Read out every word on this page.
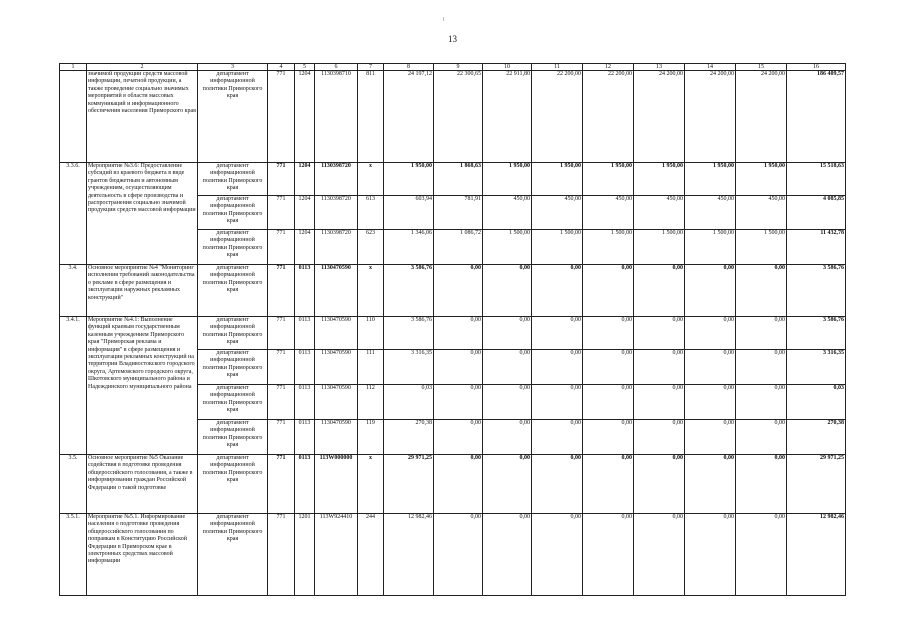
13
1	2	3	4	5	6	7	8	9	10	11	12	13	14	15	16
	значимой продукции средств массовой информации, печатной продукции, а также проведение социально значимых мероприятий в области массовых коммуникаций и информационного обеспечения населения Приморского края	департамент информационной политики Приморского края	771	1204	1130398710	811	24 197,12	22 300,65	22 911,80	22 200,00	22 200,00	24 200,00	24 200,00	24 200,00	186 409,57
3.3.6.	Мероприятие №3.6: Предоставление субсидий из краевого бюджета в виде грантов бюджетным и автономным учреждениям, осуществляющим деятельность в сфере производства и распространения социально значимой продукции средств массовой информации	департамент информационной политики Приморского края	771	1204	1130398720	х	1 950,00	1 868,63	1 950,00	1 950,00	1 950,00	1 950,00	1 950,00	1 950,00	15 518,63
		департамент информационной политики Приморского края	771	1204	1130398720	613	603,94	781,91	450,00	450,00	450,00	450,00	450,00	450,00	4 085,85
		департамент информационной политики Приморского края	771	1204	1130398720	623	1 346,06	1 086,72	1 500,00	1 500,00	1 500,00	1 500,00	1 500,00	1 500,00	11 432,78
3.4.	Основное мероприятие №4 "Мониторинг исполнения требований законодательства о рекламе в сфере размещения и эксплуатации наружных рекламных конструкций"	департамент информационной политики Приморского края	771	0113	1130470590	х	3 586,76	0,00	0,00	0,00	0,00	0,00	0,00	0,00	3 586,76
3.4.1.	Мероприятие №4.1: Выполнение функций краевым государственным казенным учреждением Приморского края "Приморская реклама и информация" в сфере размещения и эксплуатации рекламных конструкций на территории Владивостокского городского округа, Артемовского городского округа, Шкотовского муниципального района и Надеждинского муниципального района	департамент информационной политики Приморского края	771	0113	1130470590	110	3 586,76	0,00	0,00	0,00	0,00	0,00	0,00	0,00	3 586,76
		департамент информационной политики Приморского края	771	0113	1130470590	111	3 316,35	0,00	0,00	0,00	0,00	0,00	0,00	0,00	3 316,35
		департамент информационной политики Приморского края	771	0113	1130470590	112	0,03	0,00	0,00	0,00	0,00	0,00	0,00	0,00	0,03
		департамент информационной политики Приморского края	771	0113	1130470590	119	270,38	0,00	0,00	0,00	0,00	0,00	0,00	0,00	270,38
3.5.	Основное мероприятие №5 Оказание содействия в подготовке проведения общероссийского голосования, а также в информировании граждан Российской Федерации о такой подготовке	департамент информационной политики Приморского края	771	0113	113W000000	х	29 971,25	0,00	0,00	0,00	0,00	0,00	0,00	0,00	29 971,25
3.5.1.	Мероприятие №5.1. Информирование населения о подготовке проведения общероссийского голосования по поправкам в Конституцию Российской Федерации в Приморском крае в электронных средствах массовой информации	департамент информационной политики Приморского края	771	1201	113W924410	244	12 982,46	0,00	0,00	0,00	0,00	0,00	0,00	0,00	12 982,46
